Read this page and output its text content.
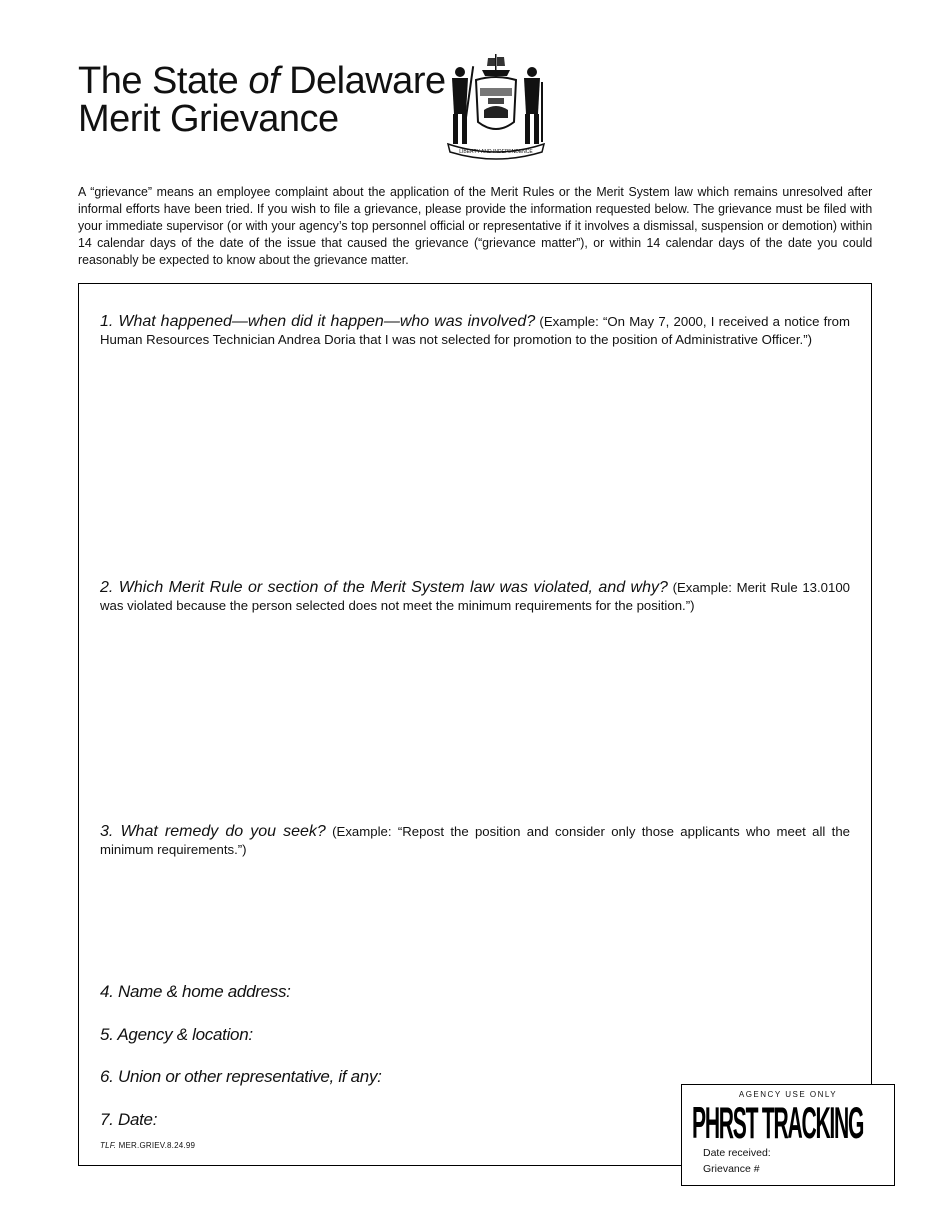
The State of Delaware
Merit Grievance
LIBERTY AND INDEPENDENCE
A “grievance” means an employee complaint about the application of the Merit Rules or the Merit System law which remains unresolved after informal efforts have been tried. If you wish to file a grievance, please provide the information requested below. The grievance must be filed with your immediate supervisor (or with your agency’s top personnel official or representative if it involves a dismissal, suspension or demotion) within 14 calendar days of the date of the issue that caused the grievance (“grievance matter”), or within 14 calendar days of the date you could reasonably be expected to know about the grievance matter.
1. What happened—when did it happen—who was involved? (Example: “On May 7, 2000, I received a notice from Human Resources Technician Andrea Doria that I was not selected for promotion to the position of Administrative Officer.”)
2. Which Merit Rule or section of the Merit System law was violated, and why? (Example: Merit Rule 13.0100 was violated because the person selected does not meet the minimum requirements for the position.”)
3. What remedy do you seek? (Example: “Repost the position and consider only those applicants who meet all the minimum requirements.”)
4. Name & home address:
5. Agency & location:
6. Union or other representative, if any:
7. Date:
TLF. MER.GRIEV.8.24.99
AGENCY USE ONLY
PHRST TRACKING
Date received:
Grievance #
